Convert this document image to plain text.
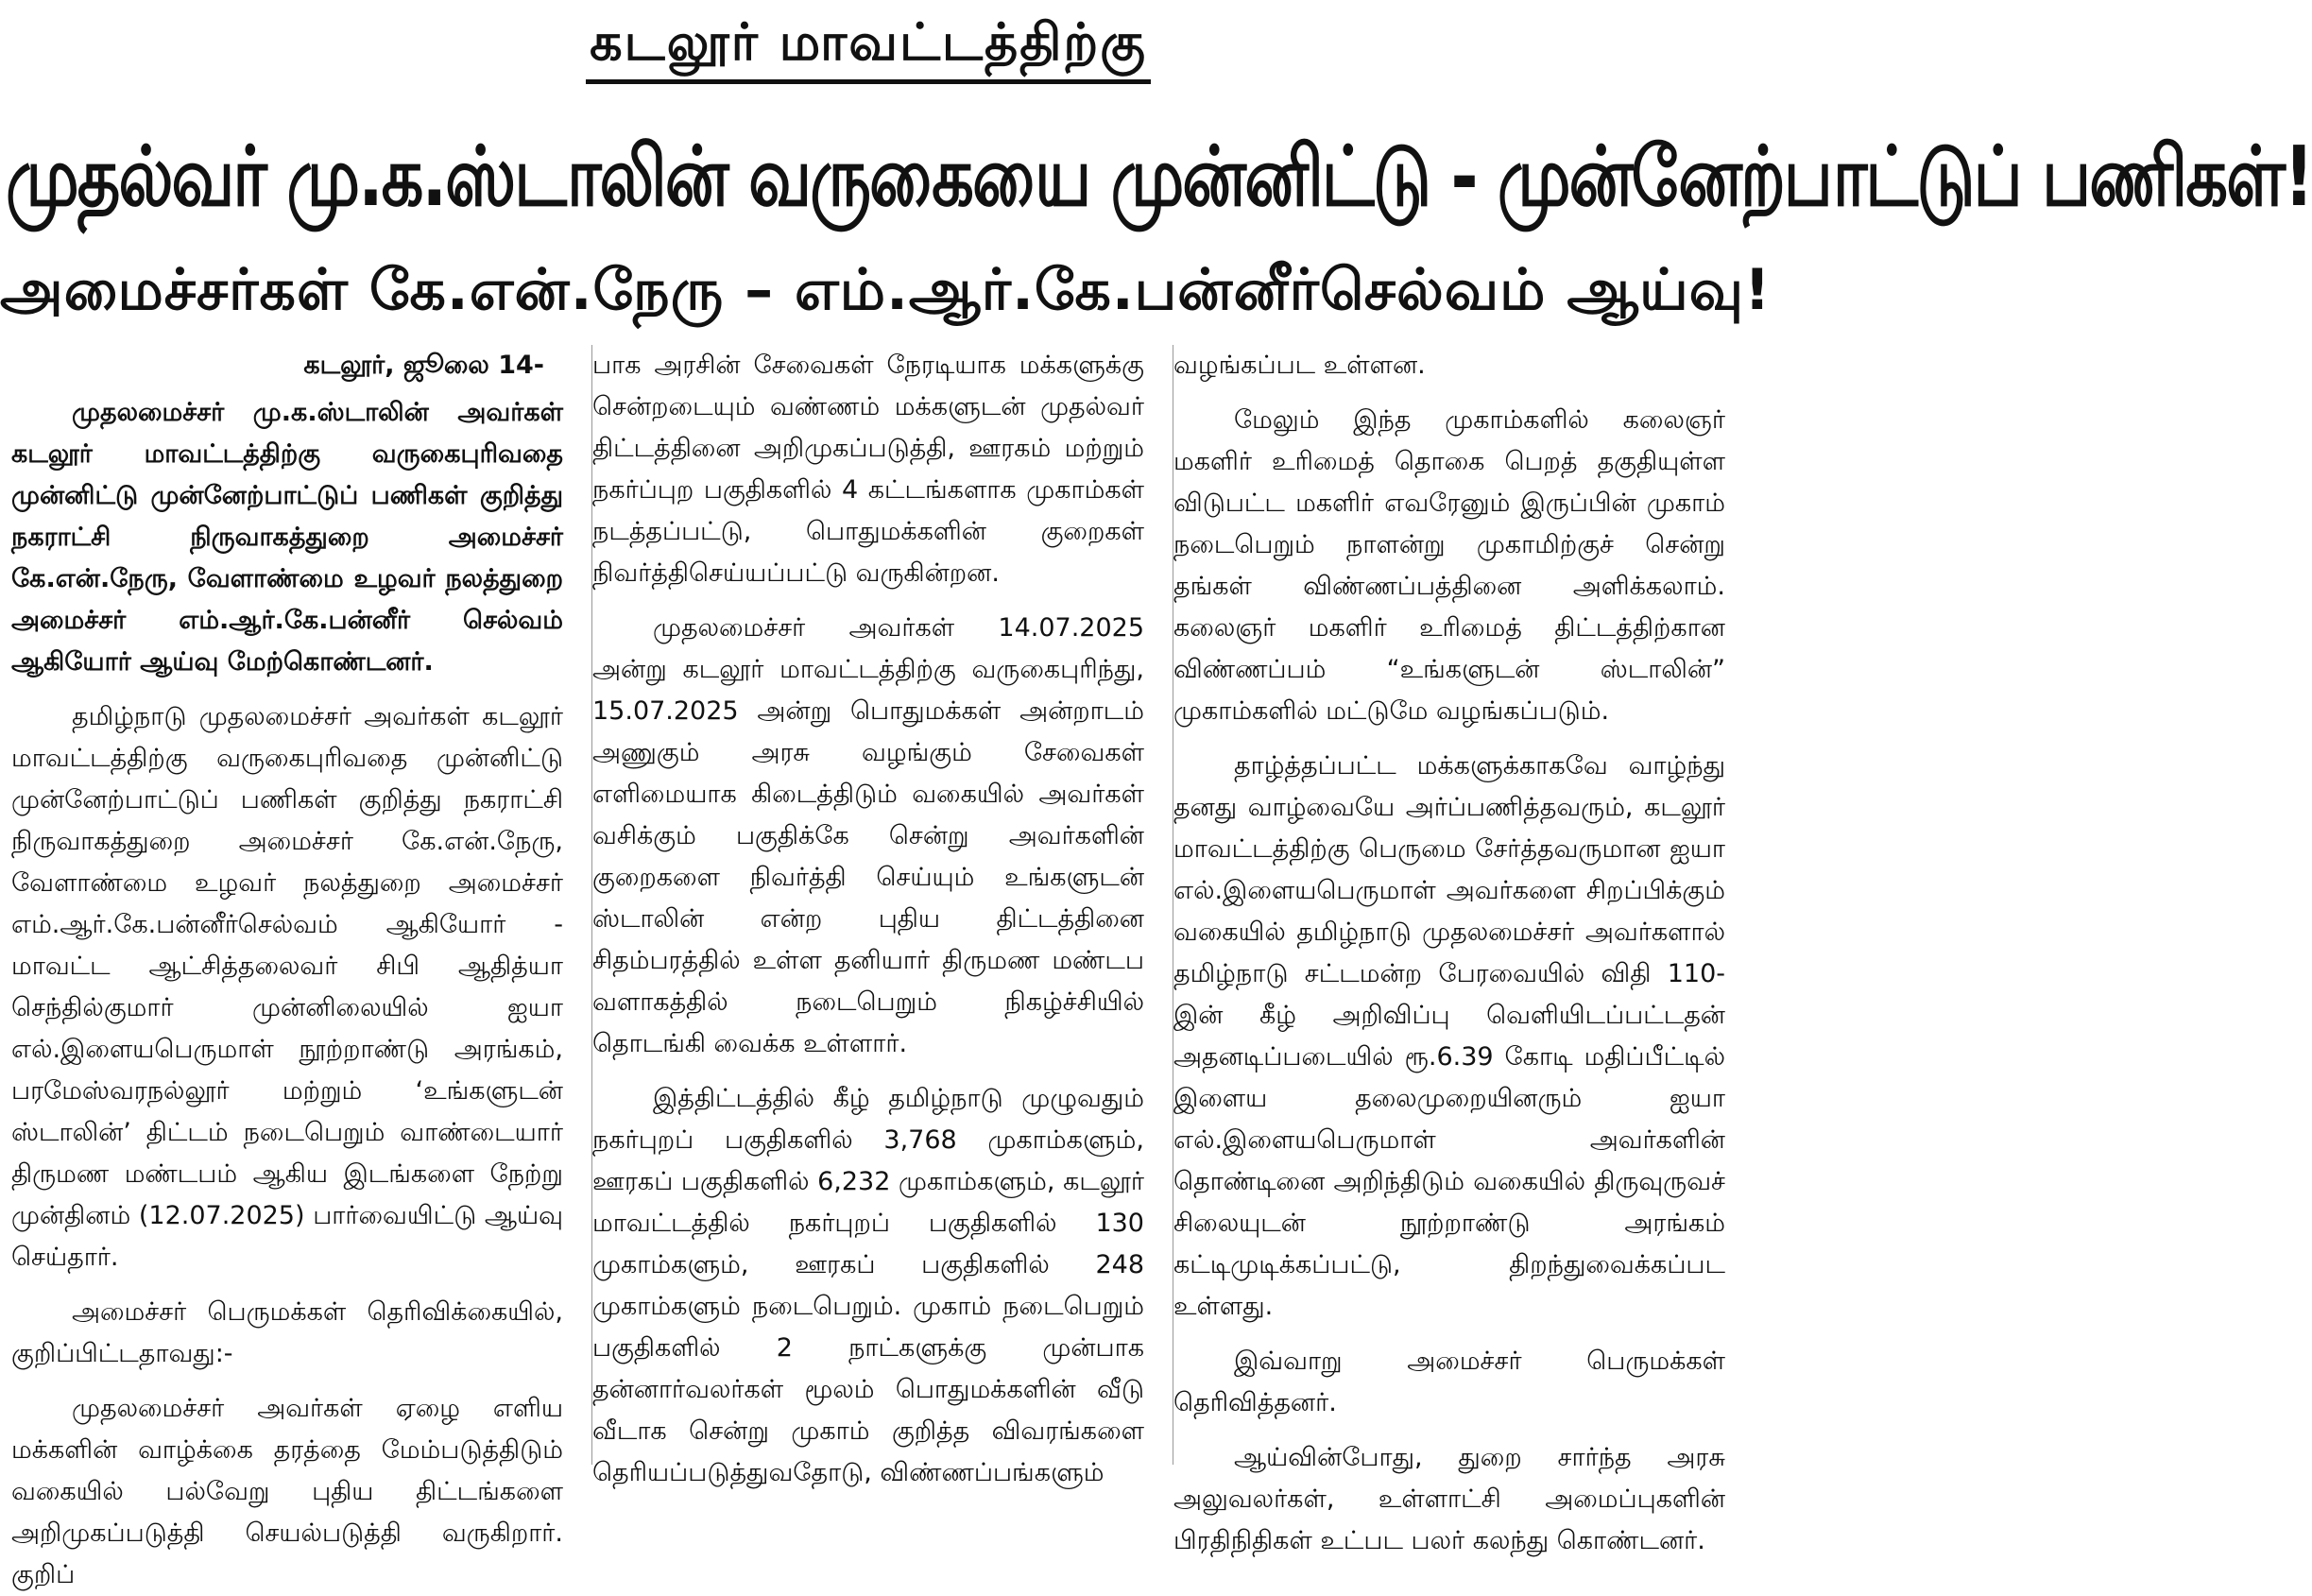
கடலூர் மாவட்டத்திற்கு
முதல்வர் மு.க.ஸ்டாலின் வருகையை முன்னிட்டு - முன்னேற்பாட்டுப் பணிகள்!
அமைச்சர்கள் கே.என்.நேரு – எம்.ஆர்.கே.பன்னீர்செல்வம் ஆய்வு!
கடலூர், ஜூலை 14-

முதலமைச்சர் மு.க.ஸ்டாலின் அவர்கள் கடலூர் மாவட்டத்திற்கு வருகைபுரிவதை முன்னிட்டு முன்னேற்பாட்டுப் பணிகள் குறித்து நகராட்சி நிருவாகத்துறை அமைச்சர் கே.என்.நேரு, வேளாண்மை உழவர் நலத்துறை அமைச்சர் எம்.ஆர்.கே.பன்னீர் செல்வம் ஆகியோர் ஆய்வு மேற்கொண்டனர்.

தமிழ்நாடு முதலமைச்சர் அவர்கள் கடலூர் மாவட்டத்திற்கு வருகைபுரிவதை முன்னிட்டு முன்னேற்பாட்டுப் பணிகள் குறித்து நகராட்சி நிருவாகத்துறை அமைச்சர் கே.என்.நேரு, வேளாண்மை உழவர் நலத்துறை அமைச்சர் எம்.ஆர்.கே.பன்னீர்செல்வம் ஆகியோர் - மாவட்ட ஆட்சித்தலைவர் சிபி ஆதித்யா செந்தில்குமார் முன்னிலையில் ஐயா எல்.இளையபெருமாள் நூற்றாண்டு அரங்கம், பரமேஸ்வரநல்லூர் மற்றும் ‘உங்களுடன் ஸ்டாலின்’ திட்டம் நடைபெறும் வாண்டையார் திருமண மண்டபம் ஆகிய இடங்களை நேற்று முன்தினம் (12.07.2025) பார்வையிட்டு ஆய்வு செய்தார்.

அமைச்சர் பெருமக்கள் தெரிவிக்கையில், குறிப்பிட்டதாவது:-

முதலமைச்சர் அவர்கள் ஏழை எளிய மக்களின் வாழ்க்கை தரத்தை மேம்படுத்திடும் வகையில் பல்வேறு புதிய திட்டங்களை அறிமுகப்படுத்தி செயல்படுத்தி வருகிறார். குறிப்

பாக அரசின் சேவைகள் நேரடியாக மக்களுக்கு சென்றடையும் வண்ணம் மக்களுடன் முதல்வர் திட்டத்தினை அறிமுகப்படுத்தி, ஊரகம் மற்றும் நகர்ப்புற பகுதிகளில் 4 கட்டங்களாக முகாம்கள் நடத்தப்பட்டு, பொதுமக்களின் குறைகள் நிவர்த்திசெய்யப்பட்டு வருகின்றன.

முதலமைச்சர் அவர்கள் 14.07.2025 அன்று கடலூர் மாவட்டத்திற்கு வருகைபுரிந்து, 15.07.2025 அன்று பொதுமக்கள் அன்றாடம் அணுகும் அரசு வழங்கும் சேவைகள் எளிமையாக கிடைத்திடும் வகையில் அவர்கள் வசிக்கும் பகுதிக்கே சென்று அவர்களின் குறைகளை நிவர்த்தி செய்யும் உங்களுடன் ஸ்டாலின் என்ற புதிய திட்டத்தினை சிதம்பரத்தில் உள்ள தனியார் திருமண மண்டப வளாகத்தில் நடைபெறும் நிகழ்ச்சியில் தொடங்கி வைக்க உள்ளார்.

இத்திட்டத்தில் கீழ் தமிழ்நாடு முழுவதும் நகர்புறப் பகுதிகளில் 3,768 முகாம்களும், ஊரகப் பகுதிகளில் 6,232 முகாம்களும், கடலூர் மாவட்டத்தில் நகர்புறப் பகுதிகளில் 130 முகாம்களும், ஊரகப் பகுதிகளில் 248 முகாம்களும் நடைபெறும். முகாம் நடைபெறும் பகுதிகளில் 2 நாட்களுக்கு முன்பாக தன்னார்வலர்கள் மூலம் பொதுமக்களின் வீடு வீடாக சென்று முகாம் குறித்த விவரங்களை தெரியப்படுத்துவதோடு, விண்ணப்பங்களும்

வழங்கப்பட உள்ளன.

மேலும் இந்த முகாம்களில் கலைஞர் மகளிர் உரிமைத் தொகை பெறத் தகுதியுள்ள விடுபட்ட மகளிர் எவரேனும் இருப்பின் முகாம் நடைபெறும் நாளன்று முகாமிற்குச் சென்று தங்கள் விண்ணப்பத்தினை அளிக்கலாம். கலைஞர் மகளிர் உரிமைத் திட்டத்திற்கான விண்ணப்பம் “உங்களுடன் ஸ்டாலின்” முகாம்களில் மட்டுமே வழங்கப்படும்.

தாழ்த்தப்பட்ட மக்களுக்காகவே வாழ்ந்து தனது வாழ்வையே அர்ப்பணித்தவரும், கடலூர் மாவட்டத்திற்கு பெருமை சேர்த்தவருமான ஐயா எல்.இளையபெருமாள் அவர்களை சிறப்பிக்கும் வகையில் தமிழ்நாடு முதலமைச்சர் அவர்களால் தமிழ்நாடு சட்டமன்ற பேரவையில் விதி 110-இன் கீழ் அறிவிப்பு வெளியிடப்பட்டதன் அதனடிப்படையில் ரூ.6.39 கோடி மதிப்பீட்டில் இளைய தலைமுறையினரும் ஐயா எல்.இளையபெருமாள் அவர்களின் தொண்டினை அறிந்திடும் வகையில் திருவுருவச் சிலையுடன் நூற்றாண்டு அரங்கம் கட்டிமுடிக்கப்பட்டு, திறந்துவைக்கப்பட உள்ளது.

இவ்வாறு அமைச்சர் பெருமக்கள் தெரிவித்தனர்.

ஆய்வின்போது, துறை சார்ந்த அரசு அலுவலர்கள், உள்ளாட்சி அமைப்புகளின் பிரதிநிதிகள் உட்பட பலர் கலந்து கொண்டனர்.
